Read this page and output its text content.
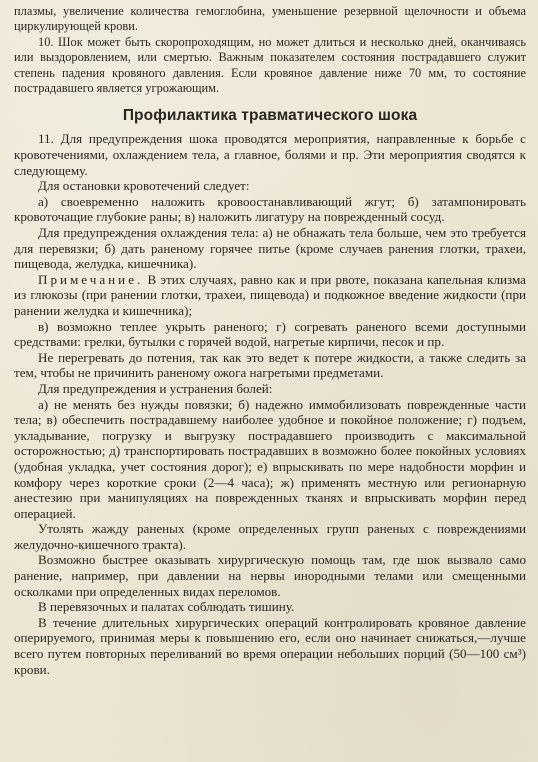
плазмы, увеличение количества гемоглобина, уменьшение резервной щелочности и объема циркулирующей крови.

10. Шок может быть скоропроходящим, но может длиться и несколько дней, оканчиваясь или выздоровлением, или смертью. Важным показателем состояния пострадавшего служит степень падения кровяного давления. Если кровяное давление ниже 70 мм, то состояние пострадавшего является угрожающим.

Профилактика травматического шока

11. Для предупреждения шока проводятся мероприятия, направленные к борьбе с кровотечениями, охлаждением тела, а главное, болями и пр. Эти мероприятия сводятся к следующему.

Для остановки кровотечений следует:

а) своевременно наложить кровоостанавливающий жгут; б) затампонировать кровоточащие глубокие раны; в) наложить лигатуру на поврежденный сосуд.

Для предупреждения охлаждения тела: а) не обнажать тела больше, чем это требуется для перевязки; б) дать раненому горячее питье (кроме случаев ранения глотки, трахеи, пищевода, желудка, кишечника).

Примечание. В этих случаях, равно как и при рвоте, показана капельная клизма из глюкозы (при ранении глотки, трахеи, пищевода) и подкожное введение жидкости (при ранении желудка и кишечника);

в) возможно теплее укрыть раненого; г) согревать раненого всеми доступными средствами: грелки, бутылки с горячей водой, нагретые кирпичи, песок и пр.

Не перегревать до потения, так как это ведет к потере жидкости, а также следить за тем, чтобы не причинить раненому ожога нагретыми предметами.

Для предупреждения и устранения болей:

а) не менять без нужды повязки; б) надежно иммобилизовать поврежденные части тела; в) обеспечить пострадавшему наиболее удобное и покойное положение; г) подъем, укладывание, погрузку и выгрузку пострадавшего производить с максимальной осторожностью; д) транспортировать пострадавших в возможно более покойных условиях (удобная укладка, учет состояния дорог); е) впрыскивать по мере надобности морфин и комфору через короткие сроки (2—4 часа); ж) применять местную или регионарную анестезию при манипуляциях на поврежденных тканях и впрыскивать морфин перед операцией.

Утолять жажду раненых (кроме определенных групп раненых с повреждениями желудочно-кишечного тракта).

Возможно быстрее оказывать хирургическую помощь там, где шок вызвало само ранение, например, при давлении на нервы инородными телами или смещенными осколками при определенных видах переломов.

В перевязочных и палатах соблюдать тишину.

В течение длительных хирургических операций контролировать кровяное давление оперируемого, принимая меры к повышению его, если оно начинает снижаться,—лучше всего путем повторных переливаний во время операции небольших порций (50—100 см³) крови.
